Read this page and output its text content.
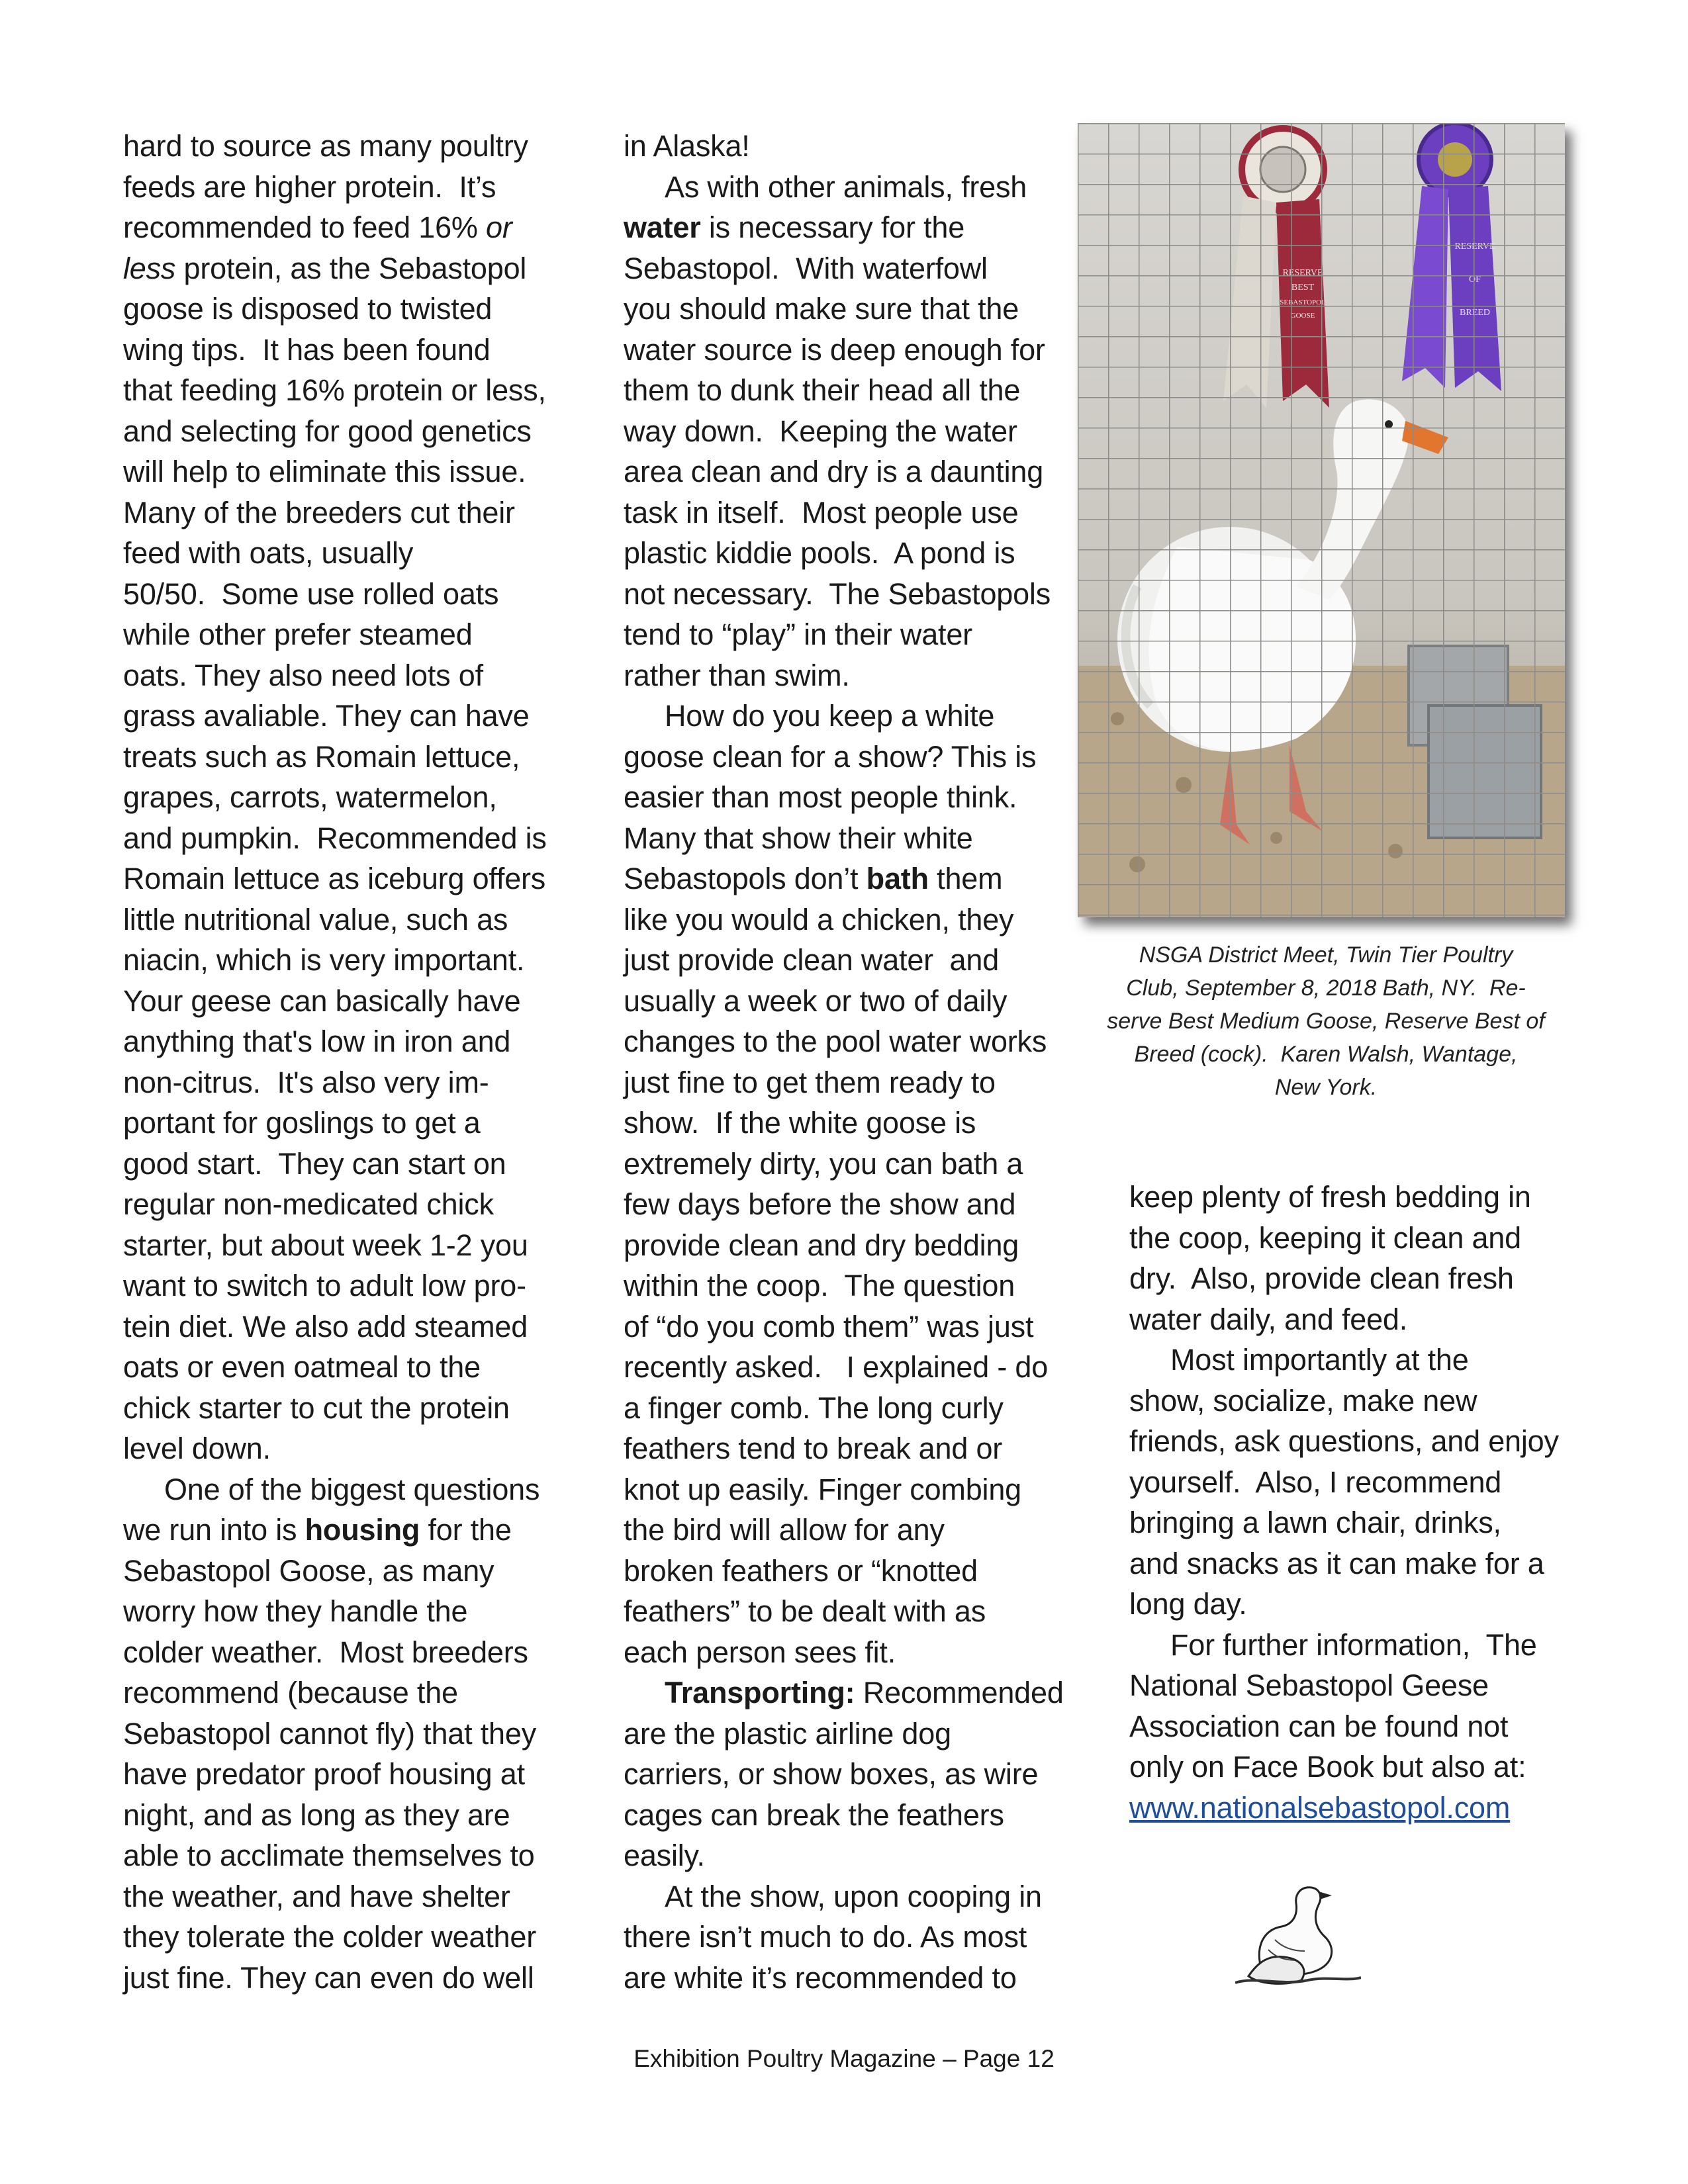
hard to source as many poultry
feeds are higher protein.  It’s
recommended to feed 16% or
less protein, as the Sebastopol
goose is disposed to twisted
wing tips.  It has been found
that feeding 16% protein or less,
and selecting for good genetics
will help to eliminate this issue.
Many of the breeders cut their
feed with oats, usually
50/50.  Some use rolled oats
while other prefer steamed
oats. They also need lots of
grass avaliable. They can have
treats such as Romain lettuce,
grapes, carrots, watermelon,
and pumpkin.  Recommended is
Romain lettuce as iceburg offers
little nutritional value, such as
niacin, which is very important.
Your geese can basically have
anything that's low in iron and
non-citrus.  It's also very im-
portant for goslings to get a
good start.  They can start on
regular non-medicated chick
starter, but about week 1-2 you
want to switch to adult low pro-
tein diet. We also add steamed
oats or even oatmeal to the
chick starter to cut the protein
level down.
One of the biggest questions
we run into is housing for the
Sebastopol Goose, as many
worry how they handle the
colder weather.  Most breeders
recommend (because the
Sebastopol cannot fly) that they
have predator proof housing at
night, and as long as they are
able to acclimate themselves to
the weather, and have shelter
they tolerate the colder weather
just fine. They can even do well
in Alaska!
As with other animals, fresh
water is necessary for the
Sebastopol.  With waterfowl
you should make sure that the
water source is deep enough for
them to dunk their head all the
way down.  Keeping the water
area clean and dry is a daunting
task in itself.  Most people use
plastic kiddie pools.  A pond is
not necessary.  The Sebastopols
tend to “play” in their water
rather than swim.
How do you keep a white
goose clean for a show? This is
easier than most people think.
Many that show their white
Sebastopols don’t bath them
like you would a chicken, they
just provide clean water  and
usually a week or two of daily
changes to the pool water works
just fine to get them ready to
show.  If the white goose is
extremely dirty, you can bath a
few days before the show and
provide clean and dry bedding
within the coop.  The question
of “do you comb them” was just
recently asked.   I explained - do
a finger comb. The long curly
feathers tend to break and or
knot up easily. Finger combing
the bird will allow for any
broken feathers or “knotted
feathers” to be dealt with as
each person sees fit.
Transporting: Recommended
are the plastic airline dog
carriers, or show boxes, as wire
cages can break the feathers
easily.
At the show, upon cooping in
there isn’t much to do. As most
are white it’s recommended to
NSGA District Meet, Twin Tier Poultry
Club, September 8, 2018 Bath, NY.  Re-
serve Best Medium Goose, Reserve Best of
Breed (cock).  Karen Walsh, Wantage,
New York.
keep plenty of fresh bedding in
the coop, keeping it clean and
dry.  Also, provide clean fresh
water daily, and feed.
Most importantly at the
show, socialize, make new
friends, ask questions, and enjoy
yourself.  Also, I recommend
bringing a lawn chair, drinks,
and snacks as it can make for a
long day.
For further information,  The
National Sebastopol Geese
Association can be found not
only on Face Book but also at:
www.nationalsebastopol.com
Exhibition Poultry Magazine – Page 12
